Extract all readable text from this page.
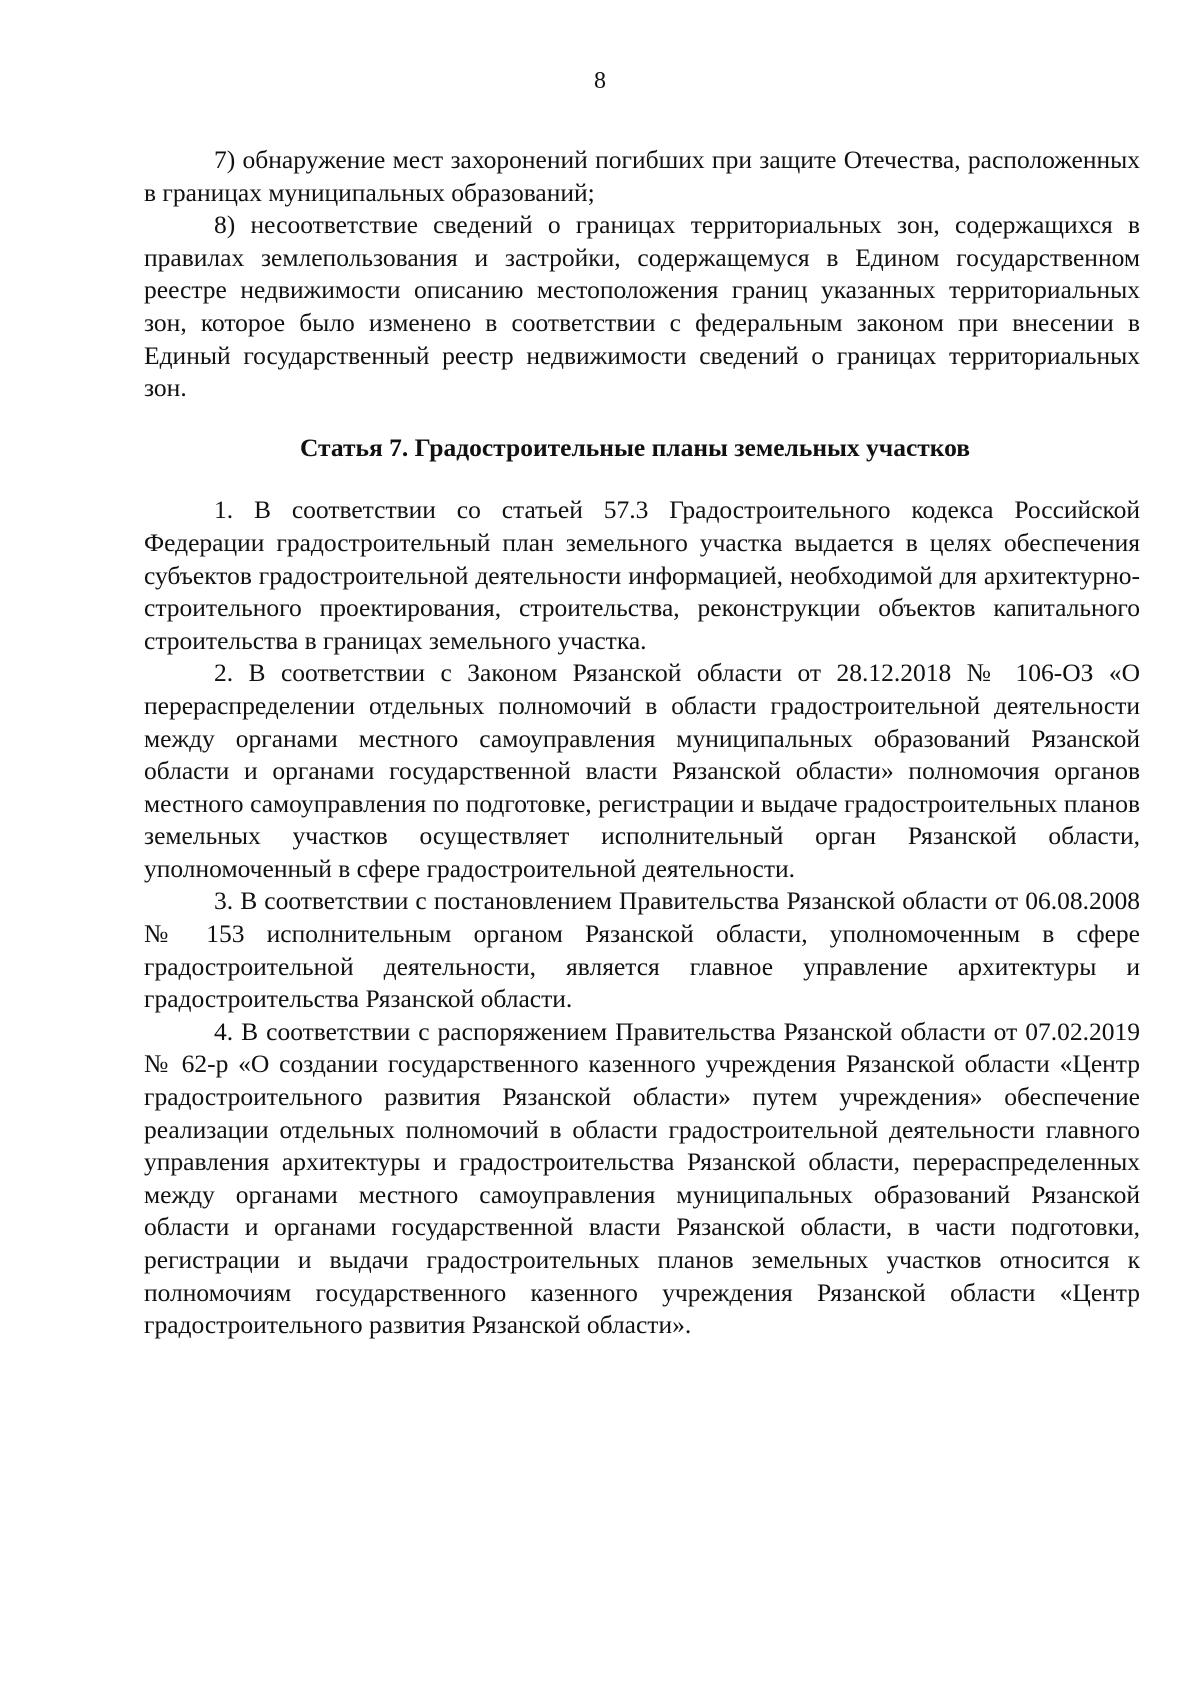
8

7) обнаружение мест захоронений погибших при защите Отечества, расположенных в границах муниципальных образований;

8) несоответствие сведений о границах территориальных зон, содержащихся в правилах землепользования и застройки, содержащемуся в Едином государственном реестре недвижимости описанию местоположения границ указанных территориальных зон, которое было изменено в соответствии с федеральным законом при внесении в Единый государственный реестр недвижимости сведений о границах территориальных зон.

Статья 7. Градостроительные планы земельных участков

1. В соответствии со статьей 57.3 Градостроительного кодекса Российской Федерации градостроительный план земельного участка выдается в целях обеспечения субъектов градостроительной деятельности информацией, необходимой для архитектурно-строительного проектирования, строительства, реконструкции объектов капитального строительства в границах земельного участка.

2. В соответствии с Законом Рязанской области от 28.12.2018 № 106-ОЗ «О перераспределении отдельных полномочий в области градостроительной деятельности между органами местного самоуправления муниципальных образований Рязанской области и органами государственной власти Рязанской области» полномочия органов местного самоуправления по подготовке, регистрации и выдаче градостроительных планов земельных участков осуществляет исполнительный орган Рязанской области, уполномоченный в сфере градостроительной деятельности.

3. В соответствии с постановлением Правительства Рязанской области от 06.08.2008 № 153 исполнительным органом Рязанской области, уполномоченным в сфере градостроительной деятельности, является главное управление архитектуры и градостроительства Рязанской области.

4. В соответствии с распоряжением Правительства Рязанской области от 07.02.2019 № 62-р «О создании государственного казенного учреждения Рязанской области «Центр градостроительного развития Рязанской области» путем учреждения» обеспечение реализации отдельных полномочий в области градостроительной деятельности главного управления архитектуры и градостроительства Рязанской области, перераспределенных между органами местного самоуправления муниципальных образований Рязанской области и органами государственной власти Рязанской области, в части подготовки, регистрации и выдачи градостроительных планов земельных участков относится к полномочиям государственного казенного учреждения Рязанской области «Центр градостроительного развития Рязанской области».
